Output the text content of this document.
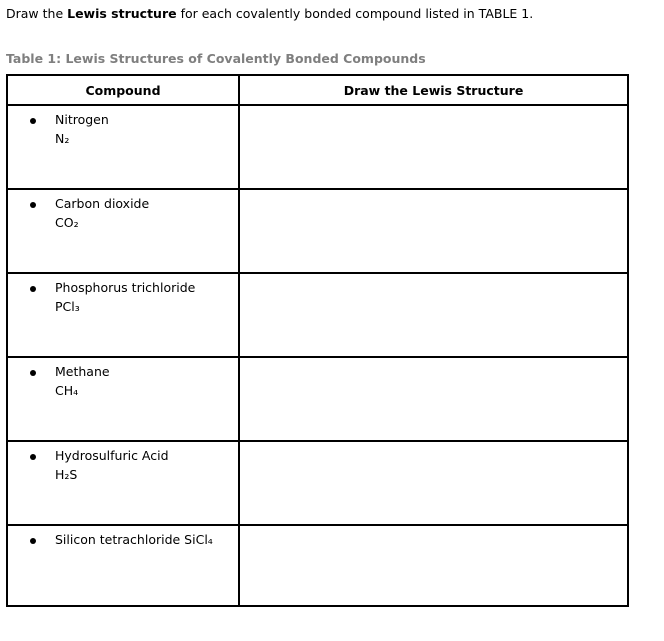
Draw the Lewis structure for each covalently bonded compound listed in TABLE 1.
Table 1: Lewis Structures of Covalently Bonded Compounds
Compound	Draw the Lewis Structure

Nitrogen
N₂	

Carbon dioxide
CO₂	

Phosphorus trichloride
PCl₃	

Methane
CH₄	

Hydrosulfuric Acid
H₂S	

Silicon tetrachloride SiCl₄	
